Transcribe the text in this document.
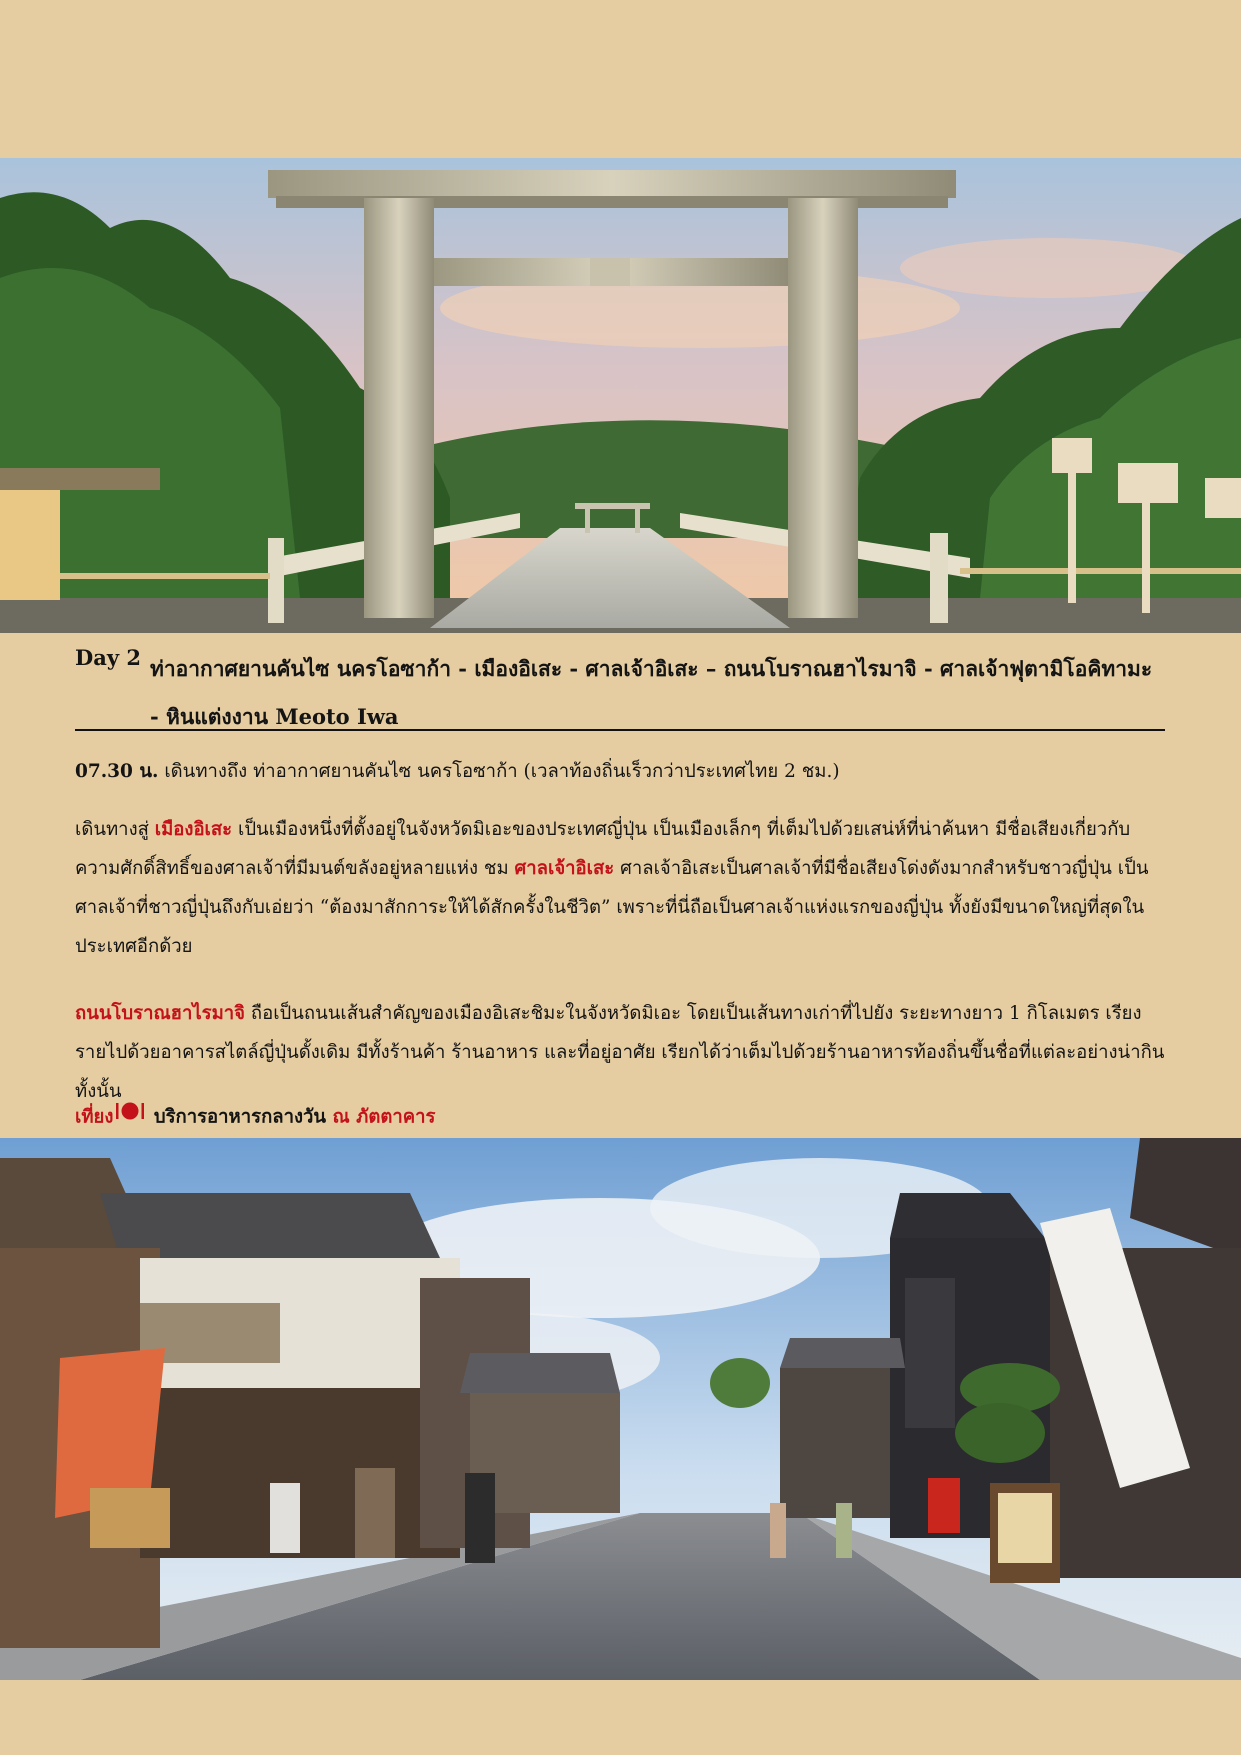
Day 2 ท่าอากาศยานคันไซ นครโอซาก้า - เมืองอิเสะ - ศาลเจ้าอิเสะ – ถนนโบราณฮาไรมาจิ - ศาลเจ้าฟุตามิโอคิทามะ - หินแต่งงาน Meoto Iwa
07.30 น. เดินทางถึง ท่าอากาศยานคันไซ นครโอซาก้า (เวลาท้องถิ่นเร็วกว่าประเทศไทย 2 ชม.)
เดินทางสู่ เมืองอิเสะ เป็นเมืองหนึ่งที่ตั้งอยู่ในจังหวัดมิเอะของประเทศญี่ปุ่น เป็นเมืองเล็กๆ ที่เต็มไปด้วยเสน่ห์ที่น่าค้นหา มีชื่อเสียงเกี่ยวกับความศักดิ์สิทธิ์ของศาลเจ้าที่มีมนต์ขลังอยู่หลายแห่ง ชม ศาลเจ้าอิเสะ ศาลเจ้าอิเสะเป็นศาลเจ้าที่มีชื่อเสียงโด่งดังมากสำหรับชาวญี่ปุ่น เป็นศาลเจ้าที่ชาวญี่ปุ่นถึงกับเอ่ยว่า “ต้องมาสักการะให้ได้สักครั้งในชีวิต” เพราะที่นี่ถือเป็นศาลเจ้าแห่งแรกของญี่ปุ่น ทั้งยังมีขนาดใหญ่ที่สุดในประเทศอีกด้วย
ถนนโบราณฮาไรมาจิ ถือเป็นถนนเส้นสำคัญของเมืองอิเสะชิมะในจังหวัดมิเอะ โดยเป็นเส้นทางเก่าที่ไปยัง ระยะทางยาว 1 กิโลเมตร เรียงรายไปด้วยอาคารสไตล์ญี่ปุ่นดั้งเดิม มีทั้งร้านค้า ร้านอาหาร และที่อยู่อาศัย เรียกได้ว่าเต็มไปด้วยร้านอาหารท้องถิ่นขึ้นชื่อที่แต่ละอย่างน่ากินทั้งนั้น
เที่ยง บริการอาหารกลางวัน ณ ภัตตาคาร
